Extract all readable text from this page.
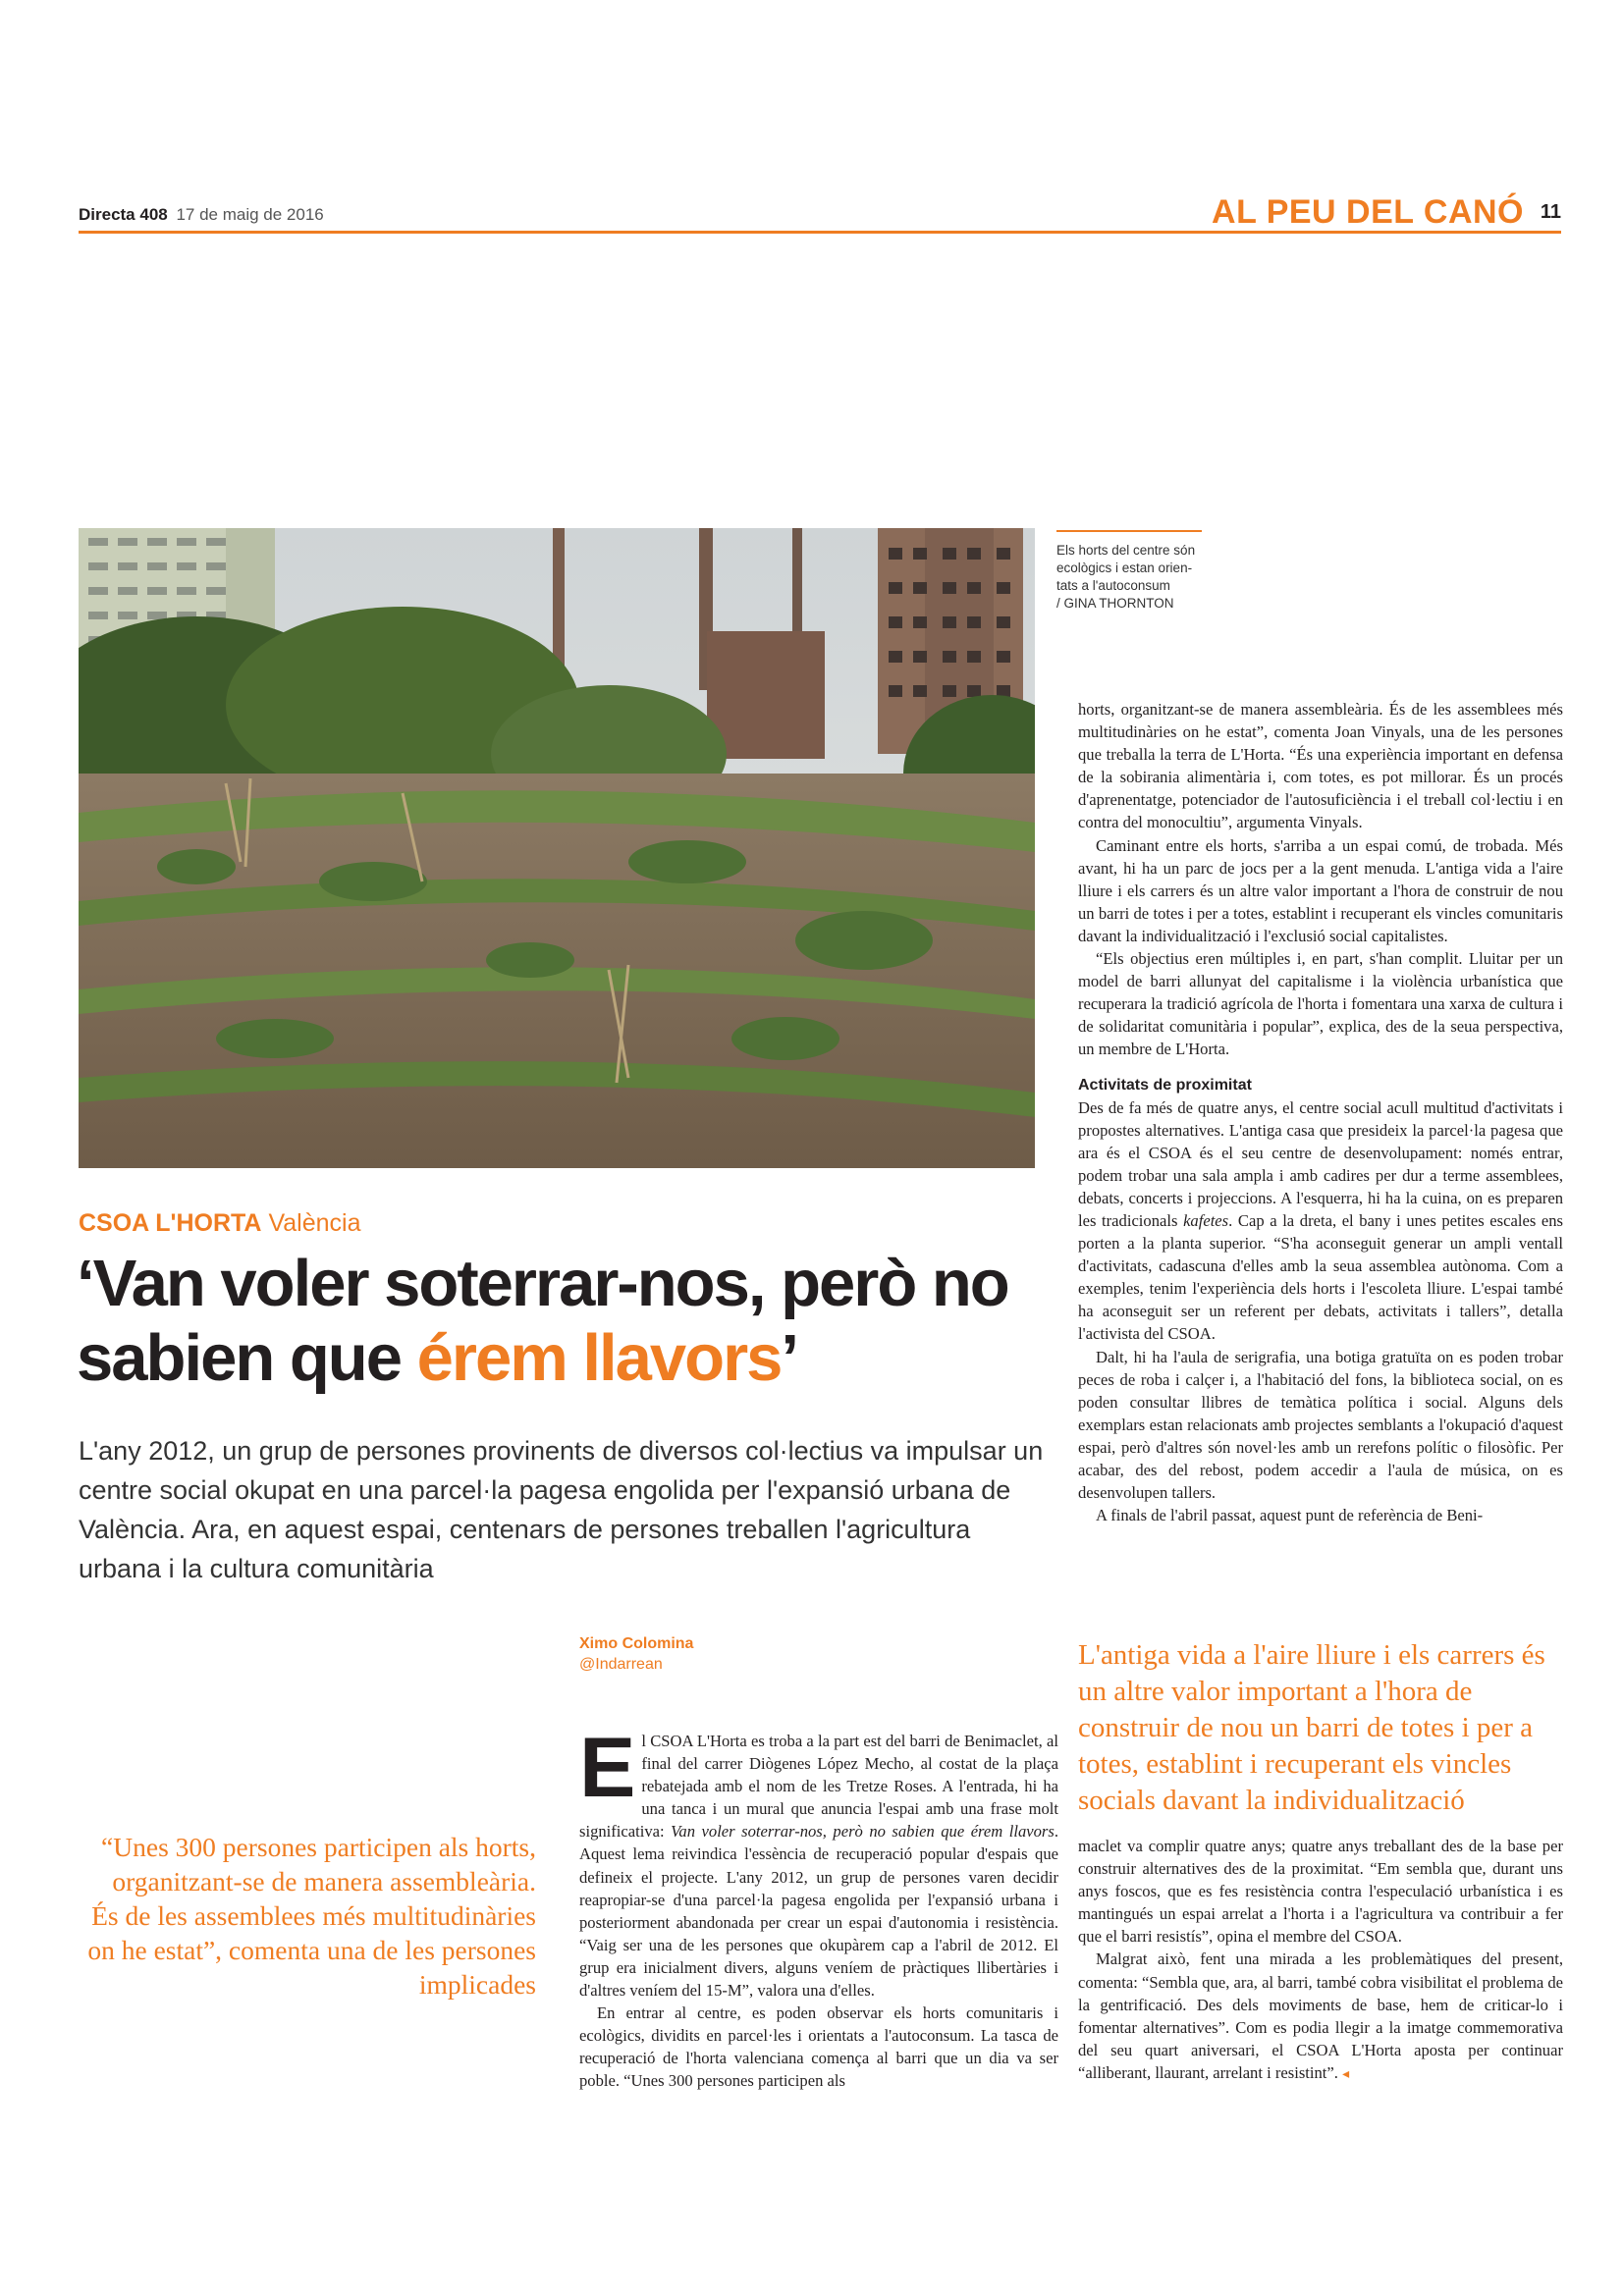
Directa 408 17 de maig de 2016	AL PEU DEL CANÓ 11
Els horts del centre són ecològics i estan orien-
tats a l'autoconsum
/ GINA THORNTON
CSOA L'HORTA València
‘Van voler soterrar-nos, però no sabien que érem llavors’
L'any 2012, un grup de persones provinents de diversos col·lectius va impulsar un centre social okupat en una parcel·la pagesa engolida per l'expansió urbana de València. Ara, en aquest espai, centenars de persones treballen l'agricultura urbana i la cultura comunitària
Ximo Colomina
@Indarrean
“Unes 300 persones participen als horts, organitzant-se de manera assembleària. És de les assemblees més multitudinàries on he estat”, comenta una de les persones implicades

El CSOA L'Horta es troba a la part est del barri de Benimaclet, al final del carrer Diògenes López Mecho, al costat de la plaça rebatejada amb el nom de les Tretze Roses. A l'entrada, hi ha una tanca i un mural que anuncia l'espai amb una frase molt significativa: Van voler soterrar-nos, però no sabien que érem llavors. Aquest lema reivindica l'essència de recuperació popular d'espais que defineix el projecte. L'any 2012, un grup de persones varen decidir reapropiar-se d'una parcel·la pagesa engolida per l'expansió urbana i posteriorment abandonada per crear un espai d'autonomia i resistència. “Vaig ser una de les persones que okupàrem cap a l'abril de 2012. El grup era inicialment divers, alguns veníem de pràctiques llibertàries i d'altres veníem del 15-M”, valora una d'elles.

En entrar al centre, es poden observar els horts comunitaris i ecològics, dividits en parcel·les i orientats a l'autoconsum. La tasca de recuperació de l'horta valenciana comença al barri que un dia va ser poble. “Unes 300 persones participen als

horts, organitzant-se de manera assembleària. És de les assemblees més multitudinàries on he estat”, comenta Joan Vinyals, una de les persones que treballa la terra de L'Horta. “És una experiència important en defensa de la sobirania alimentària i, com totes, es pot millorar. És un procés d'aprenentatge, potenciador de l'autosuficiència i el treball col·lectiu i en contra del monocultiu”, argumenta Vinyals.

Caminant entre els horts, s'arriba a un espai comú, de trobada. Més avant, hi ha un parc de jocs per a la gent menuda. L'antiga vida a l'aire lliure i els carrers és un altre valor important a l'hora de construir de nou un barri de totes i per a totes, establint i recuperant els vincles comunitaris davant la individualització i l'exclusió social capitalistes.

“Els objectius eren múltiples i, en part, s'han complit. Lluitar per un model de barri allunyat del capitalisme i la violència urbanística que recuperara la tradició agrícola de l'horta i fomentara una xarxa de cultura i de solidaritat comunitària i popular”, explica, des de la seua perspectiva, un membre de L'Horta.

Activitats de proximitat

Des de fa més de quatre anys, el centre social acull multitud d'activitats i propostes alternatives. L'antiga casa que presideix la parcel·la pagesa que ara és el CSOA és el seu centre de desenvolupament: només entrar, podem trobar una sala ampla i amb cadires per dur a terme assemblees, debats, concerts i projeccions. A l'esquerra, hi ha la cuina, on es preparen les tradicionals kafetes. Cap a la dreta, el bany i unes petites escales ens porten a la planta superior. “S'ha aconseguit generar un ampli ventall d'activitats, cadascuna d'elles amb la seua assemblea autònoma. Com a exemples, tenim l'experiència dels horts i l'escoleta lliure. L'espai també ha aconseguit ser un referent per debats, activitats i tallers”, detalla l'activista del CSOA.

Dalt, hi ha l'aula de serigrafia, una botiga gratuïta on es poden trobar peces de roba i calçer i, a l'habitació del fons, la biblioteca social, on es poden consultar llibres de temàtica política i social. Alguns dels exemplars estan relacionats amb projectes semblants a l'okupació d'aquest espai, però d'altres són novel·les amb un rerefons polític o filosòfic. Per acabar, des del rebost, podem accedir a l'aula de música, on es desenvolupen tallers.

A finals de l'abril passat, aquest punt de referència de Beni-

L'antiga vida a l'aire lliure i els carrers és un altre valor important a l'hora de construir de nou un barri de totes i per a totes, establint i recuperant els vincles socials davant la individualització

maclet va complir quatre anys; quatre anys treballant des de la base per construir alternatives des de la proximitat. “Em sembla que, durant uns anys foscos, que es fes resistència contra l'especulació urbanística i es mantingués un espai arrelat a l'horta i a l'agricultura va contribuir a fer que el barri resistís”, opina el membre del CSOA.

Malgrat això, fent una mirada a les problemàtiques del present, comenta: “Sembla que, ara, al barri, també cobra visibilitat el problema de la gentrificació. Des dels moviments de base, hem de criticar-lo i fomentar alternatives”. Com es podia llegir a la imatge commemorativa del seu quart aniversari, el CSOA L'Horta aposta per continuar “alliberant, llaurant, arrelant i resistint”. ◂
